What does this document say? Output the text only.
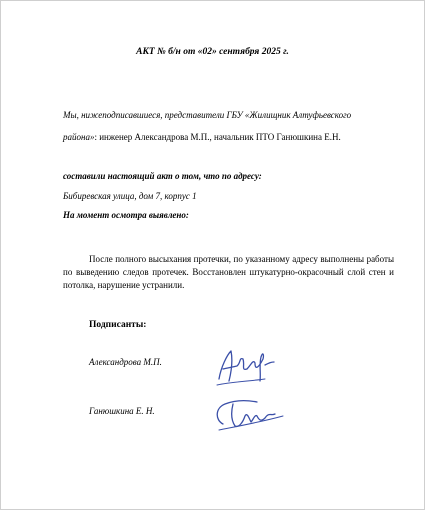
АКТ № б/н от «02» сентября 2025 г.
Мы, нижеподписавшиеся, представители ГБУ «Жилищник Алтуфьевского
района»: инженер Александрова М.П., начальник ПТО Ганюшкина Е.Н.
составили настоящий акт о том, что по адресу:
Бибиревская улица, дом 7, корпус 1
На момент осмотра выявлено:
После полного высыхания протечки, по указанному адресу выполнены работы по выведению следов протечек. Восстановлен штукатурно-окрасочный слой стен и потолка, нарушение устранили.
Подписанты:
Александрова М.П.
Ганюшкина Е. Н.
